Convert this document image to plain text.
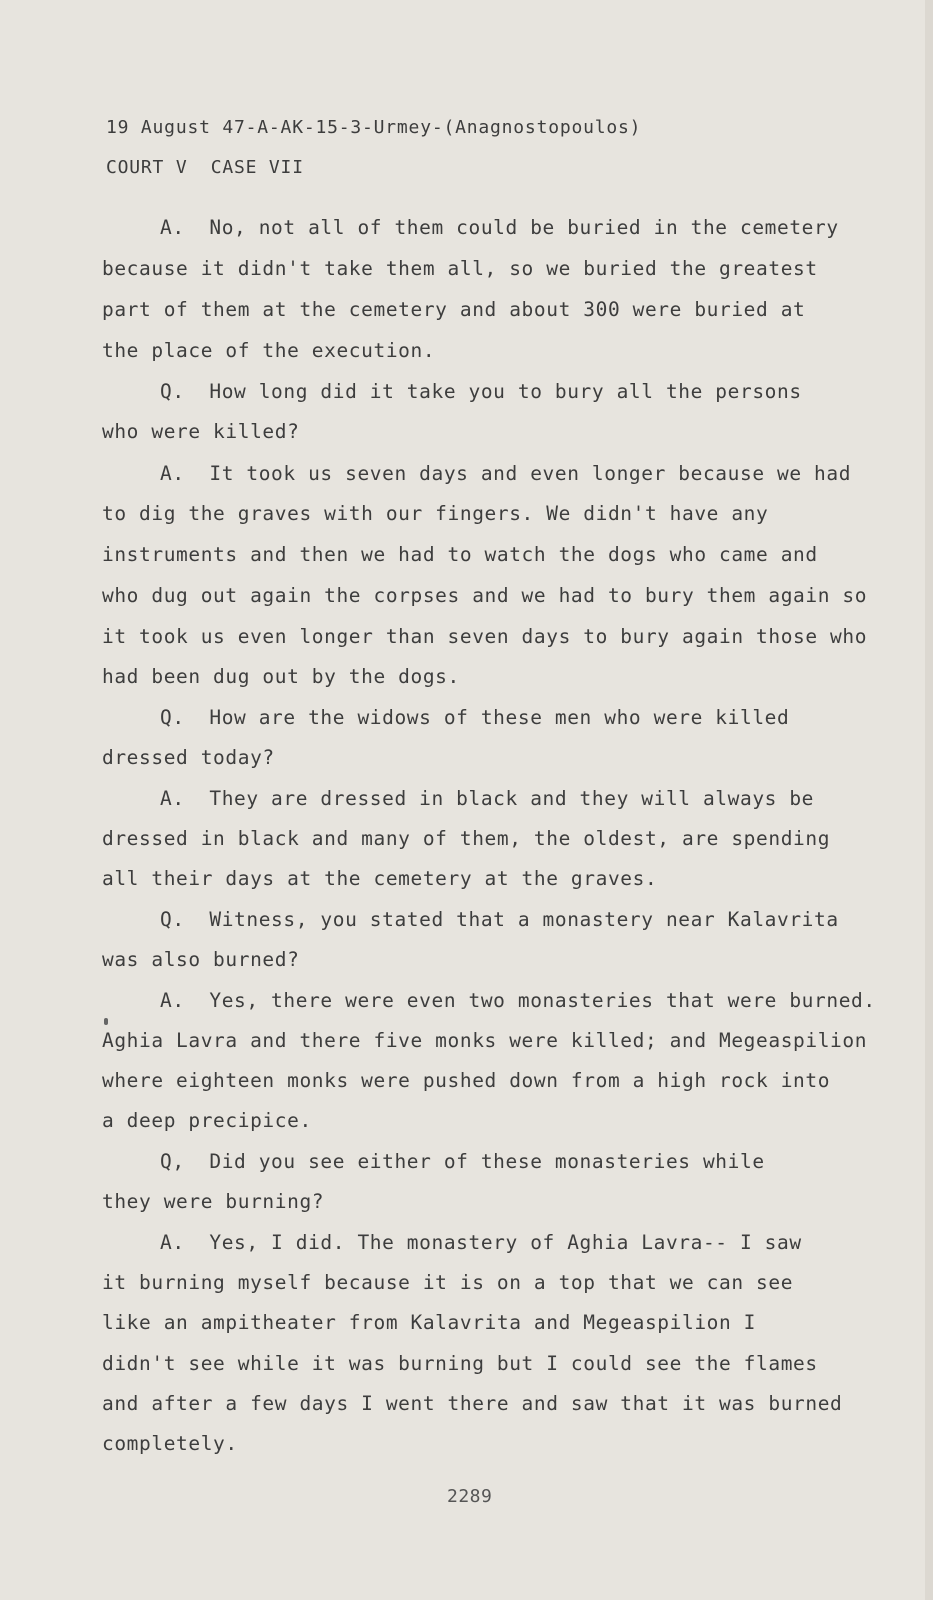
19 August 47-A-AK-15-3-Urmey-(Anagnostopoulos)
COURT V  CASE VII
A.  No, not all of them could be buried in the cemetery
because it didn't take them all, so we buried the greatest
part of them at the cemetery and about 300 were buried at
the place of the execution.
Q.  How long did it take you to bury all the persons
who were killed?
A.  It took us seven days and even longer because we had
to dig the graves with our fingers. We didn't have any
instruments and then we had to watch the dogs who came and
who dug out again the corpses and we had to bury them again so
it took us even longer than seven days to bury again those who
had been dug out by the dogs.
Q.  How are the widows of these men who were killed
dressed today?
A.  They are dressed in black and they will always be
dressed in black and many of them, the oldest, are spending
all their days at the cemetery at the graves.
Q.  Witness, you stated that a monastery near Kalavrita
was also burned?
A.  Yes, there were even two monasteries that were burned.
Aghia Lavra and there five monks were killed; and Megeaspilion
where eighteen monks were pushed down from a high rock into
a deep precipice.
Q,  Did you see either of these monasteries while
they were burning?
A.  Yes, I did. The monastery of Aghia Lavra-- I saw
it burning myself because it is on a top that we can see
like an ampitheater from Kalavrita and Megeaspilion I
didn't see while it was burning but I could see the flames
and after a few days I went there and saw that it was burned
completely.
2289
